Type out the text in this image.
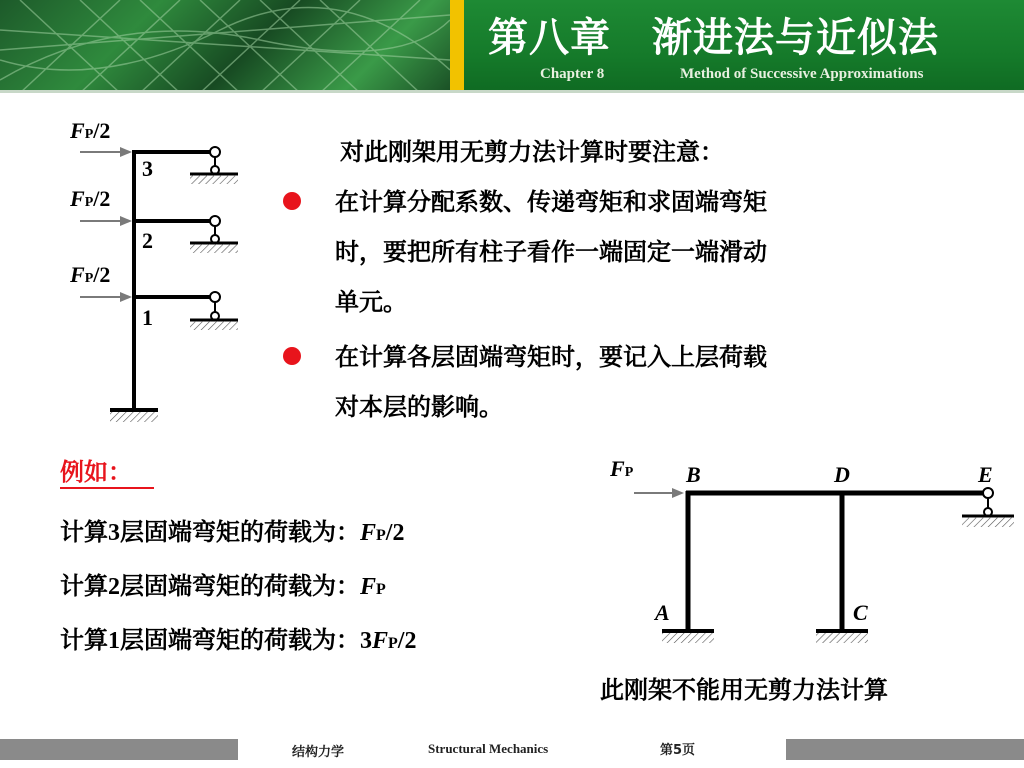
第八章　渐进法与近似法
Chapter 8	Method of Successive Approximations
FP/2
FP/2
FP/2
3
2
1
对此刚架用无剪力法计算时要注意：
在计算分配系数、传递弯矩和求固端弯矩
时，要把所有柱子看作一端固定一端滑动
单元。
在计算各层固端弯矩时，要记入上层荷载
对本层的影响。
例如：
计算3层固端弯矩的荷载为：FP/2
计算2层固端弯矩的荷载为：FP
计算1层固端弯矩的荷载为：3FP/2
FP B	D	E
A	C
此刚架不能用无剪力法计算
结构力学	Structural Mechanics	第5页
